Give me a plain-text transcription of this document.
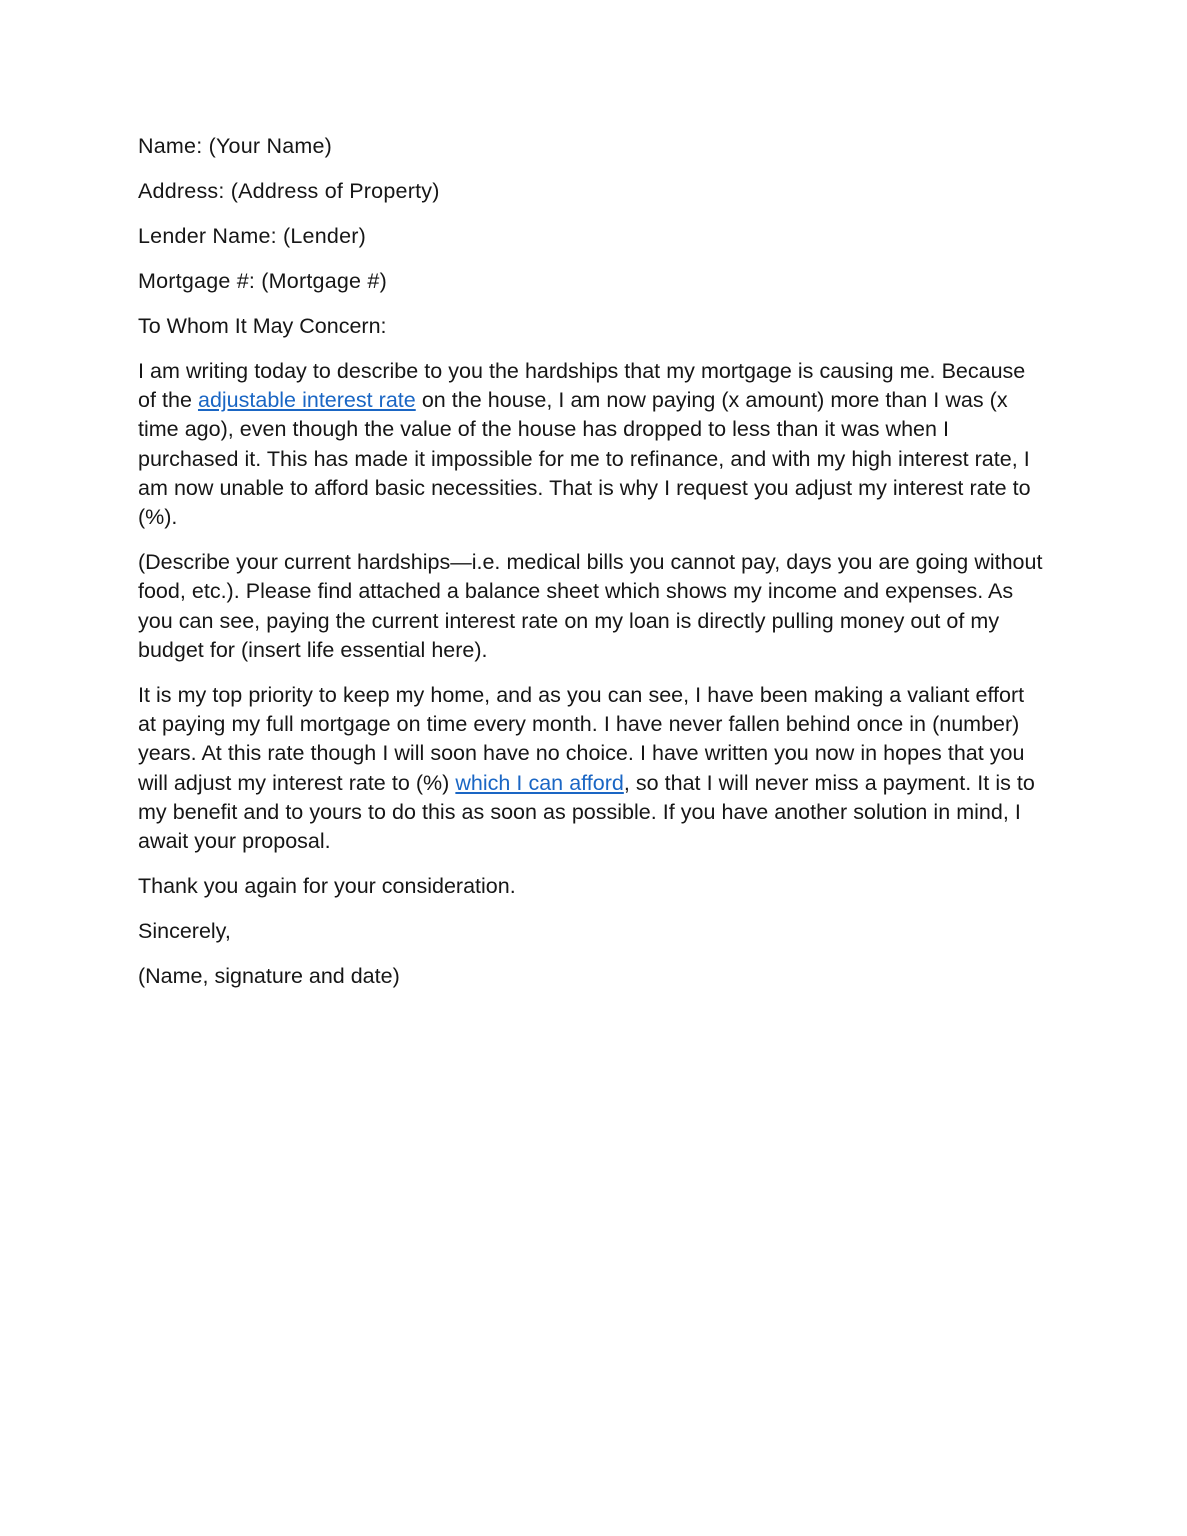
Name: (Your Name)

Address: (Address of Property)

Lender Name: (Lender)

Mortgage #: (Mortgage #)

To Whom It May Concern:

I am writing today to describe to you the hardships that my mortgage is causing me. Because of the adjustable interest rate on the house, I am now paying (x amount) more than I was (x time ago), even though the value of the house has dropped to less than it was when I purchased it. This has made it impossible for me to refinance, and with my high interest rate, I am now unable to afford basic necessities. That is why I request you adjust my interest rate to (%).

(Describe your current hardships—i.e. medical bills you cannot pay, days you are going without food, etc.). Please find attached a balance sheet which shows my income and expenses. As you can see, paying the current interest rate on my loan is directly pulling money out of my budget for (insert life essential here).

It is my top priority to keep my home, and as you can see, I have been making a valiant effort at paying my full mortgage on time every month. I have never fallen behind once in (number) years. At this rate though I will soon have no choice. I have written you now in hopes that you will adjust my interest rate to (%) which I can afford, so that I will never miss a payment. It is to my benefit and to yours to do this as soon as possible. If you have another solution in mind, I await your proposal.

Thank you again for your consideration.

Sincerely,

(Name, signature and date)
